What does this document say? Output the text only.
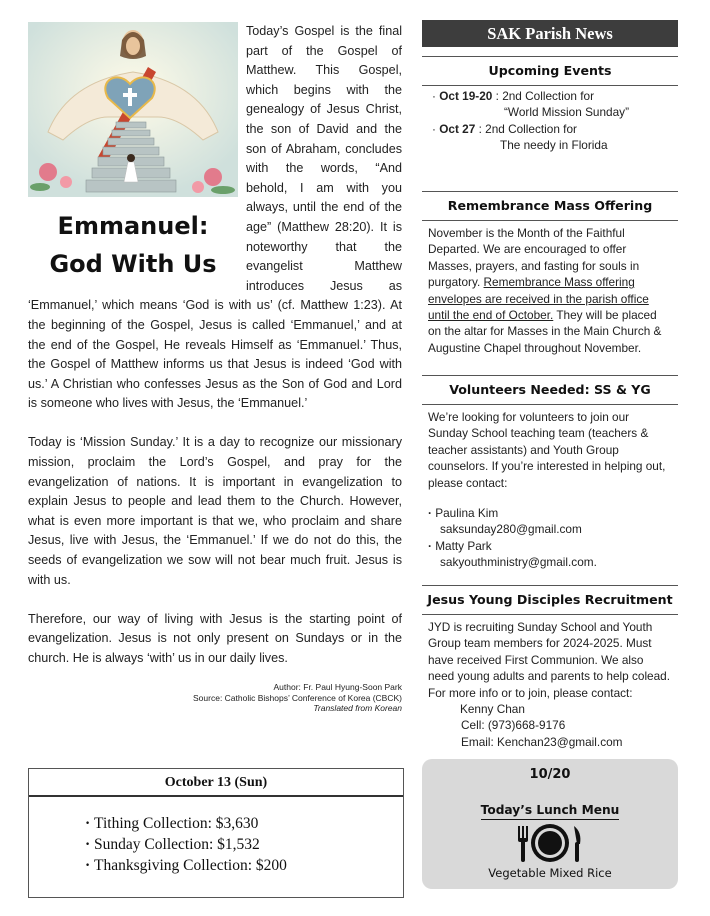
Emmanuel:
God With Us

Today’s Gospel is the final part of the Gospel of Matthew. This Gospel, which begins with the genealogy of Jesus Christ, the son of David and the son of Abraham, concludes with the words, “And behold, I am with you always, until the end of the age” (Matthew 28:20). It is noteworthy that the evangelist Matthew introduces Jesus as ‘Emmanuel,’ which means ‘God is with us’ (cf. Matthew 1:23). At the beginning of the Gospel, Jesus is called ‘Emmanuel,’ and at the end of the Gospel, He reveals Himself as ‘Emmanuel.’ Thus, the Gospel of Matthew informs us that Jesus is indeed ‘God with us.’ A Christian who confesses Jesus as the Son of God and Lord is someone who lives with Jesus, the ‘Emmanuel.’

Today is ‘Mission Sunday.’ It is a day to recognize our missionary mission, proclaim the Lord’s Gospel, and pray for the evangelization of nations. It is important in evangelization to explain Jesus to people and lead them to the Church. However, what is even more important is that we, who proclaim and share Jesus, live with Jesus, the ‘Emmanuel.’ If we do not do this, the seeds of evangelization we sow will not bear much fruit. Jesus is with us.

Therefore, our way of living with Jesus is the starting point of evangelization. Jesus is not only present on Sundays or in the church. He is always ‘with’ us in our daily lives.

Author: Fr. Paul Hyung-Soon Park
Source: Catholic Bishops’ Conference of Korea (CBCK)
Translated from Korean
October 13 (Sun)
· Tithing Collection: $3,630
· Sunday Collection: $1,532
· Thanksgiving Collection: $200
SAK Parish News
Upcoming Events
· Oct 19-20 : 2nd Collection for
“World Mission Sunday”
· Oct 27 : 2nd Collection for
The needy in Florida
Remembrance Mass Offering
November is the Month of the Faithful Departed. We are encouraged to offer Masses, prayers, and fasting for souls in purgatory. Remembrance Mass offering envelopes are received in the parish office until the end of October. They will be placed on the altar for Masses in the Main Church & Augustine Chapel throughout November.
Volunteers Needed: SS & YG
We’re looking for volunteers to join our Sunday School teaching team (teachers & teacher assistants) and Youth Group counselors. If you’re interested in helping out, please contact:
· Paulina Kim
saksunday280@gmail.com
· Matty Park
sakyouthministry@gmail.com.
Jesus Young Disciples Recruitment
JYD is recruiting Sunday School and Youth Group team members for 2024-2025. Must have received First Communion. We also need young adults and parents to help colead. For more info or to join, please contact:
Kenny Chan
Cell: (973)668-9176
Email: Kenchan23@gmail.com
10/20
Today’s Lunch Menu
Vegetable Mixed Rice
